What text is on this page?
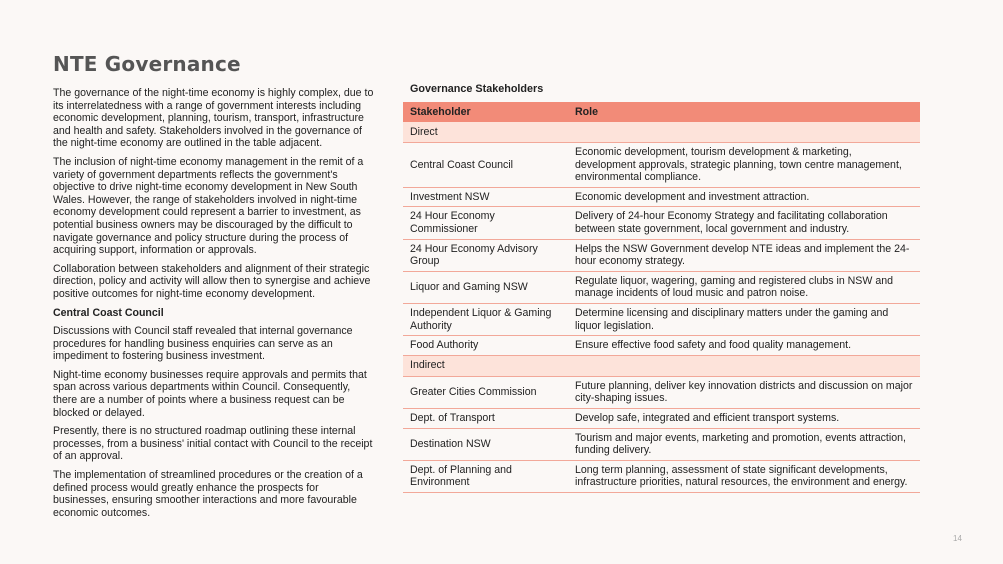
NTE Governance

The governance of the night-time economy is highly complex, due to its interrelatedness with a range of government interests including economic development, planning, tourism, transport, infrastructure and health and safety. Stakeholders involved in the governance of the night-time economy are outlined in the table adjacent.

The inclusion of night-time economy management in the remit of a variety of government departments reflects the government's objective to drive night-time economy development in New South Wales. However, the range of stakeholders involved in night-time economy development could represent a barrier to investment, as potential business owners may be discouraged by the difficult to navigate governance and policy structure during the process of acquiring support, information or approvals.

Collaboration between stakeholders and alignment of their strategic direction, policy and activity will allow then to synergise and achieve positive outcomes for night-time economy development.

Central Coast Council

Discussions with Council staff revealed that internal governance procedures for handling business enquiries can serve as an impediment to fostering business investment.

Night-time economy businesses require approvals and permits that span across various departments within Council. Consequently, there are a number of points where a business request can be blocked or delayed.

Presently, there is no structured roadmap outlining these internal processes, from a business' initial contact with Council to the receipt of an approval.

The implementation of streamlined procedures or the creation of a defined process would greatly enhance the prospects for businesses, ensuring smoother interactions and more favourable economic outcomes.

Governance Stakeholders
Stakeholder	Role
Direct	
Central Coast Council	Economic development, tourism development & marketing, development approvals, strategic planning, town centre management, environmental compliance.
Investment NSW	Economic development and investment attraction.
24 Hour Economy Commissioner	Delivery of 24-hour Economy Strategy and facilitating collaboration between state government, local government and industry.
24 Hour Economy Advisory Group	Helps the NSW Government develop NTE ideas and implement the 24-hour economy strategy.
Liquor and Gaming NSW	Regulate liquor, wagering, gaming and registered clubs in NSW and manage incidents of loud music and patron noise.
Independent Liquor & Gaming Authority	Determine licensing and disciplinary matters under the gaming and liquor legislation.
Food Authority	Ensure effective food safety and food quality management.
Indirect	
Greater Cities Commission	Future planning, deliver key innovation districts and discussion on major city-shaping issues.
Dept. of Transport	Develop safe, integrated and efficient transport systems.
Destination NSW	Tourism and major events, marketing and promotion, events attraction, funding delivery.
Dept. of Planning and Environment	Long term planning, assessment of state significant developments, infrastructure priorities, natural resources, the environment and energy.
14
